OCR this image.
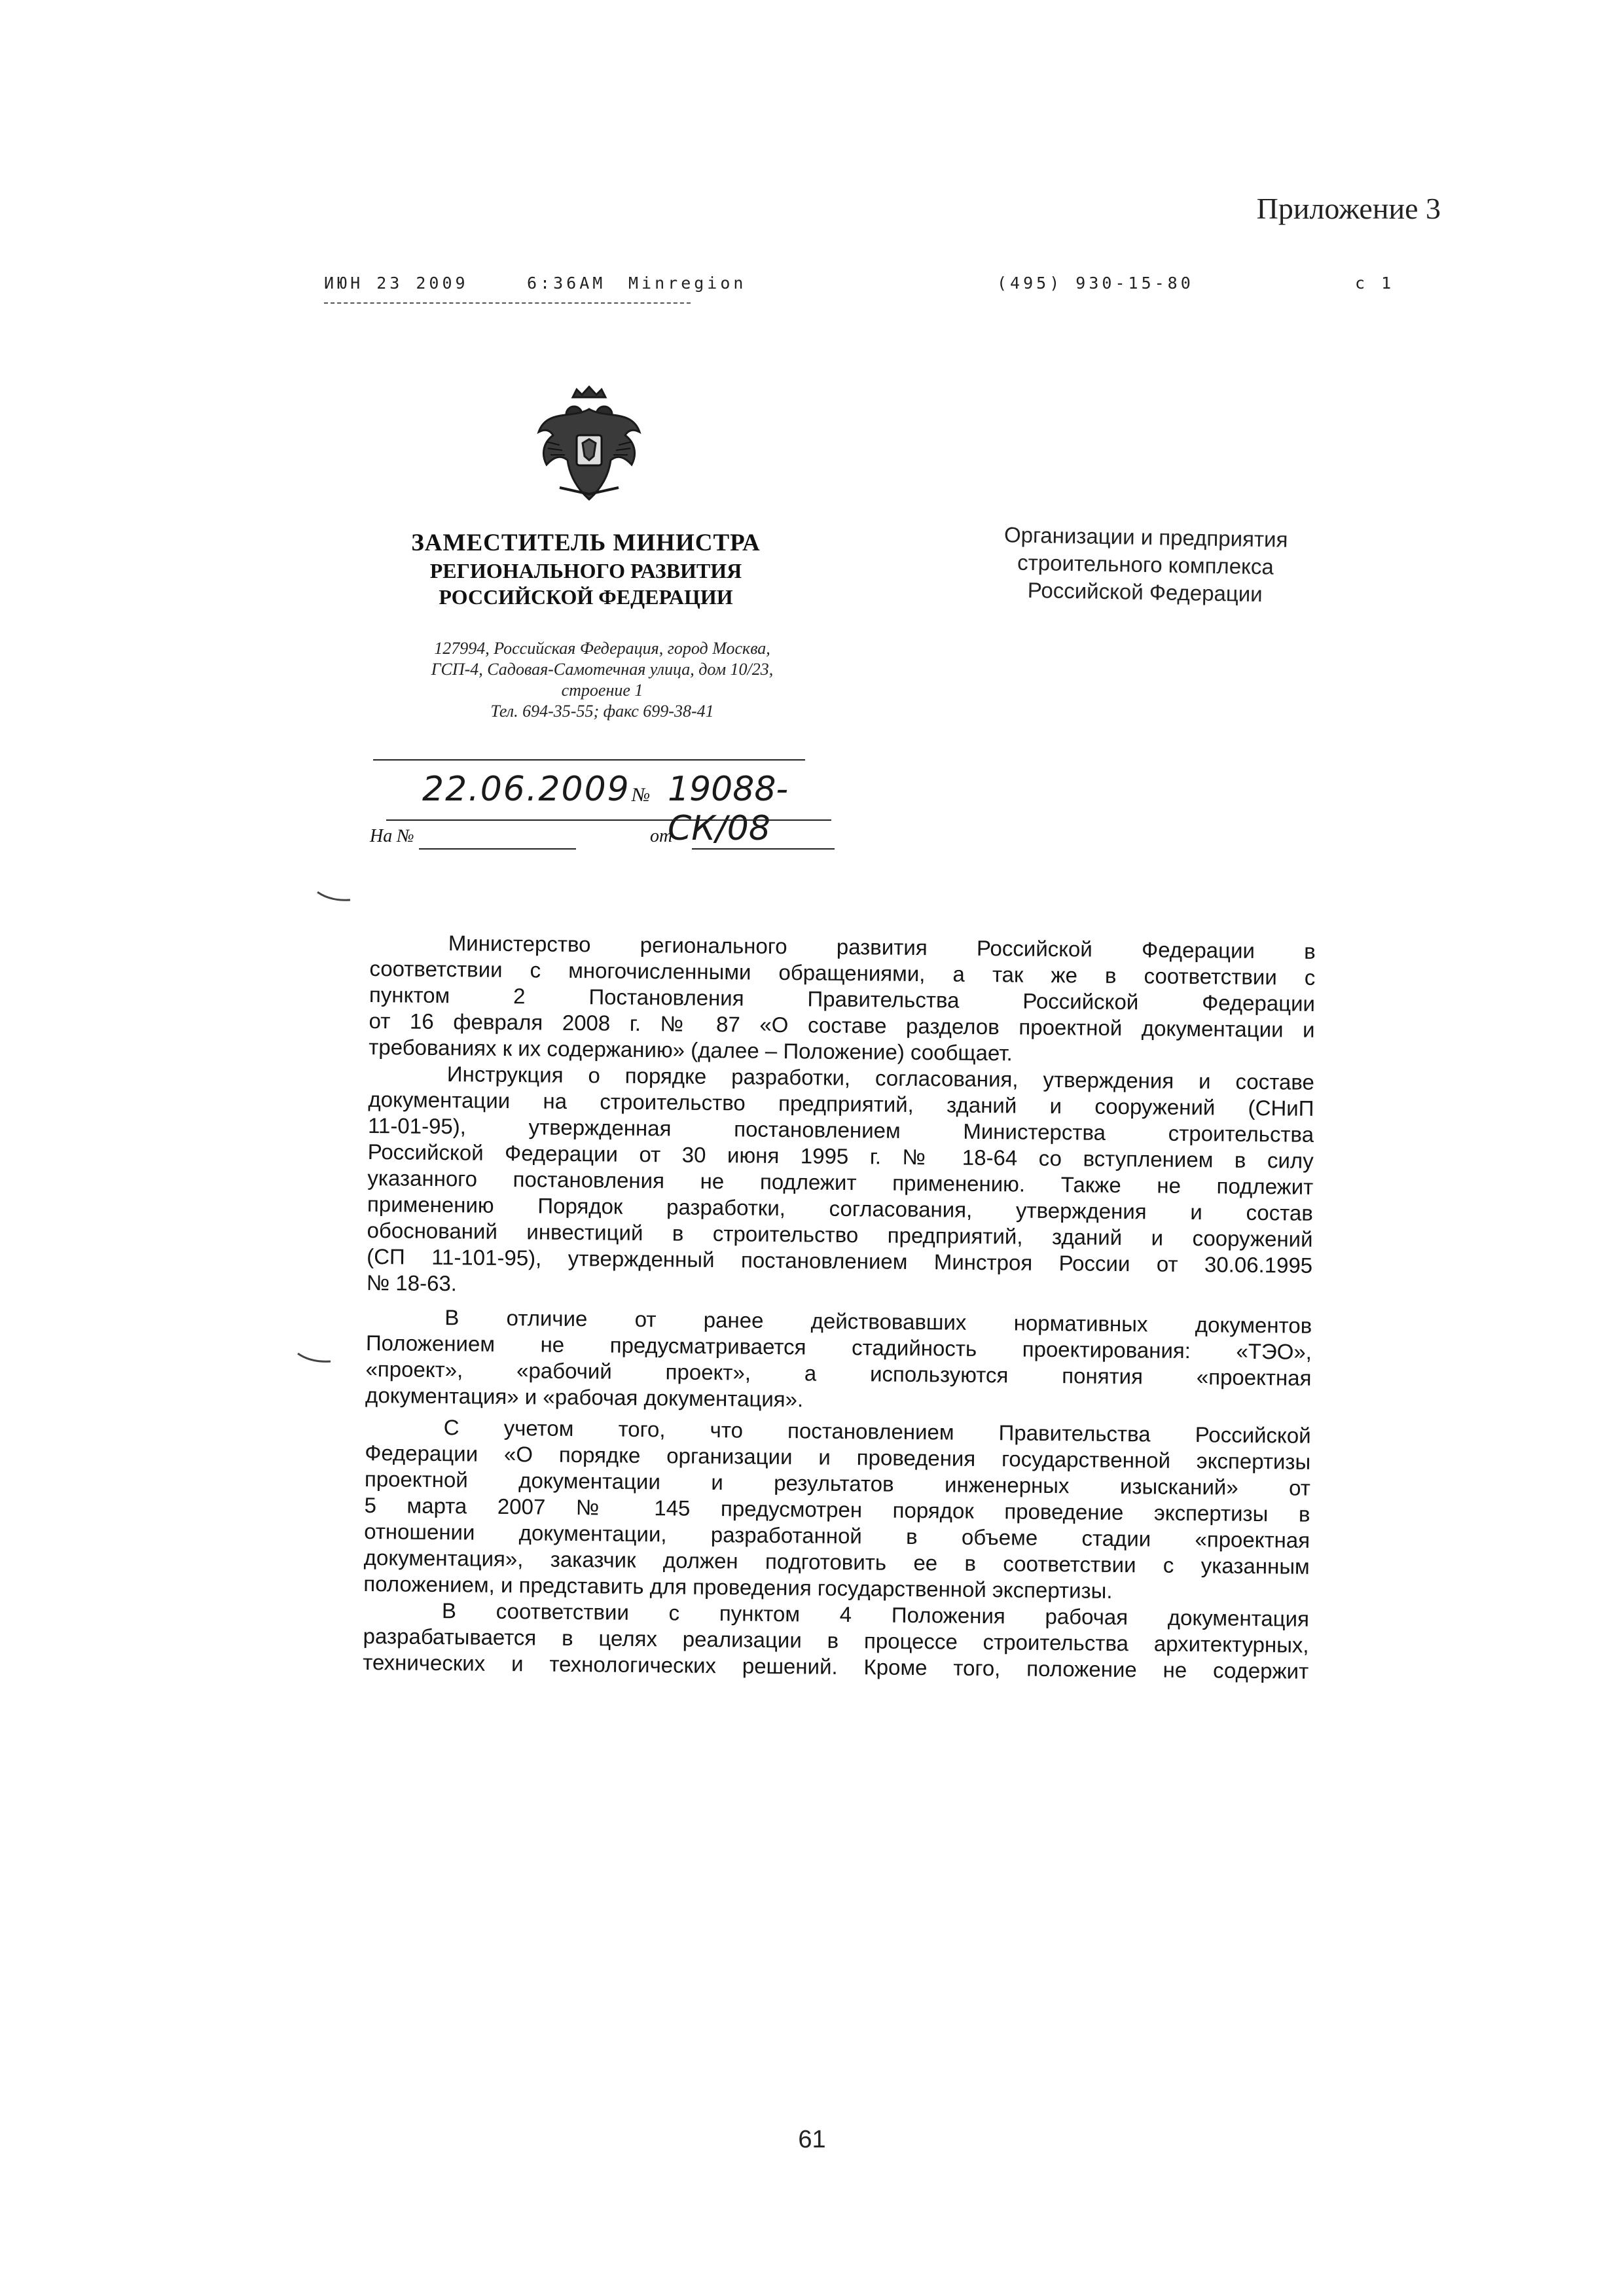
Приложение 3
ИЮН 23 2009	6:36AM Minregion	(495) 930-15-80	c 1
ЗАМЕСТИТЕЛЬ МИНИСТРА
РЕГИОНАЛЬНОГО РАЗВИТИЯ
РОССИЙСКОЙ ФЕДЕРАЦИИ
127994, Российская Федерация, город Москва,
ГСП-4, Садовая-Самотечная улица, дом 10/23,
строение 1
Тел. 694-35-55; факс 699-38-41
Организации и предприятия
строительного комплекса
Российской Федерации
22.06.2009 № 19088-СК/08
На №	от
Министерство регионального развития Российской Федерации в
соответствии с многочисленными обращениями, а так же в соответствии с
пунктом 2 Постановления Правительства Российской Федерации
от 16 февраля 2008 г. № 87 «О составе разделов проектной документации и
требованиях к их содержанию» (далее – Положение) сообщает.
Инструкция о порядке разработки, согласования, утверждения и составе
документации на строительство предприятий, зданий и сооружений (СНиП
11-01-95), утвержденная постановлением Министерства строительства
Российской Федерации от 30 июня 1995 г. № 18-64 со вступлением в силу
указанного постановления не подлежит применению. Также не подлежит
применению Порядок разработки, согласования, утверждения и состав
обоснований инвестиций в строительство предприятий, зданий и сооружений
(СП 11-101-95), утвержденный постановлением Минстроя России от 30.06.1995
№ 18-63.
В отличие от ранее действовавших нормативных документов
Положением не предусматривается стадийность проектирования: «ТЭО»,
«проект», «рабочий проект», а используются понятия «проектная
документация» и «рабочая документация».
С учетом того, что постановлением Правительства Российской
Федерации «О порядке организации и проведения государственной экспертизы
проектной документации и результатов инженерных изысканий» от
5 марта 2007 № 145 предусмотрен порядок проведение экспертизы в
отношении документации, разработанной в объеме стадии «проектная
документация», заказчик должен подготовить ее в соответствии с указанным
положением, и представить для проведения государственной экспертизы.
В соответствии с пунктом 4 Положения рабочая документация
разрабатывается в целях реализации в процессе строительства архитектурных,
технических и технологических решений. Кроме того, положение не содержит
61
